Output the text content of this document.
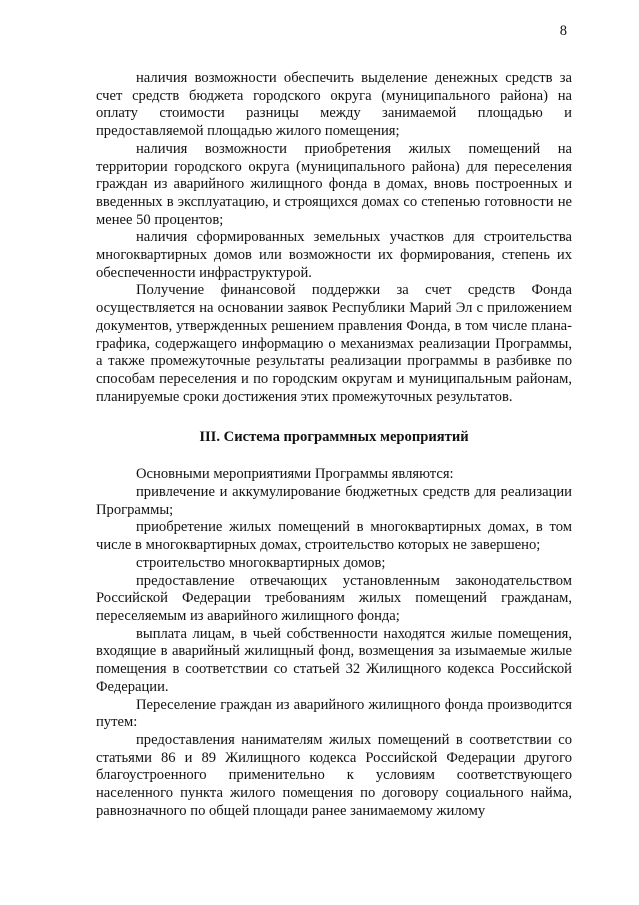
8

наличия возможности обеспечить выделение денежных средств за счет средств бюджета городского округа (муниципального района) на оплату стоимости разницы между занимаемой площадью и предоставляемой площадью жилого помещения;

наличия возможности приобретения жилых помещений на территории городского округа (муниципального района) для переселения граждан из аварийного жилищного фонда в домах, вновь построенных и введенных в эксплуатацию, и строящихся домах со степенью готовности не менее 50 процентов;

наличия сформированных земельных участков для строительства многоквартирных домов или возможности их формирования, степень их обеспеченности инфраструктурой.

Получение финансовой поддержки за счет средств Фонда осуществляется на основании заявок Республики Марий Эл с приложением документов, утвержденных решением правления Фонда, в том числе плана-графика, содержащего информацию о механизмах реализации Программы, а также промежуточные результаты реализации программы в разбивке по способам переселения и по городским округам и муниципальным районам, планируемые сроки достижения этих промежуточных результатов.

III. Система программных мероприятий

Основными мероприятиями Программы являются:

привлечение и аккумулирование бюджетных средств для реализации Программы;

приобретение жилых помещений в многоквартирных домах, в том числе в многоквартирных домах, строительство которых не завершено;

строительство многоквартирных домов;

предоставление отвечающих установленным законодательством Российской Федерации требованиям жилых помещений гражданам, переселяемым из аварийного жилищного фонда;

выплата лицам, в чьей собственности находятся жилые помещения, входящие в аварийный жилищный фонд, возмещения за изымаемые жилые помещения в соответствии со статьей 32 Жилищного кодекса Российской Федерации.

Переселение граждан из аварийного жилищного фонда производится путем:

предоставления нанимателям жилых помещений в соответствии со статьями 86 и 89 Жилищного кодекса Российской Федерации другого благоустроенного применительно к условиям соответствующего населенного пункта жилого помещения по договору социального найма, равнозначного по общей площади ранее занимаемому жилому
